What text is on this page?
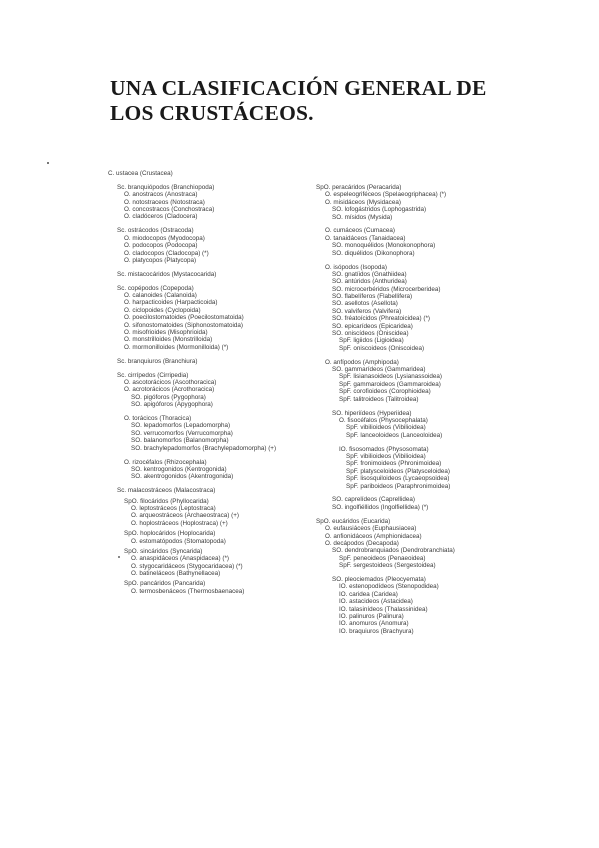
UNA CLASIFICACIÓN GENERAL DE
LOS CRUSTÁCEOS.
C. ustacea (Crustacea)
Sc. branquiópodos (Branchiopoda)
O. anostracos (Anostraca)
O. notostraceos (Notostraca)
O. concostracos (Conchostraca)
O. cladóceros (Cladocera)
Sc. ostrácodos (Ostracoda)
O. miodocopos (Myodocopa)
O. podocopos (Podocopa)
O. cladocopos (Cladocopa) (*)
O. platycopos (Platycopa)
Sc. mistacocáridos (Mystacocarida)
Sc. copépodos (Copepoda)
O. calanoides (Calanoida)
O. harpacticoides (Harpacticoida)
O. ciclopoides (Cyclopoida)
O. poecilostomatoides (Poecilostomatoida)
O. sifonostomatoides (Siphonostomatoida)
O. misofrioides (Misophrioida)
O. monstrilloides (Monstrilloida)
O. mormonilloides (Mormonilloida) (*)
Sc. branquiuros (Branchiura)
Sc. cirrípedos (Cirripedia)
O. ascotorácicos (Ascothoracica)
O. acrotorácicos (Acrothoracica)
SO. pigóforos (Pygophora)
SO. apigóforos (Apygophora)
O. torácicos (Thoracica)
SO. lepadomorfos (Lepadomorpha)
SO. verrucomorfos (Verrucomorpha)
SO. balanomorfos (Balanomorpha)
SO. brachylepadomorfos (Brachylepadomorpha) (+)
O. rizocéfalos (Rhizocephala)
SO. kentrogonidos (Kentrogonida)
SO. akentrogonidos (Akentrogonida)
Sc. malacostráceos (Malacostraca)
SpO. filocáridos (Phyllocarida)
O. leptostráceos (Leptostraca)
O. arqueostráceos (Archaeostraca) (+)
O. hoplostráceos (Hoplostraca) (+)
SpO. hoplocáridos (Hoplocarida)
O. estomatópodos (Stomatopoda)
SpO. sincáridos (Syncarida)
O. anaspidáceos (Anaspidacea) (*)
O. stygocaridáceos (Stygocaridacea) (*)
O. batineláceos (Bathynellacea)
SpO. pancáridos (Pancarida)
O. termosbenáceos (Thermosbaenacea)
SpO. peracáridos (Peracarida)
O. espeleogriféceos (Spelaeogriphacea) (*)
O. misidáceos (Mysidacea)
SO. lofogástridos (Lophogastrida)
SO. mísidos (Mysida)
O. cumáceos (Cumacea)
O. tanaidáceos (Tanaidacea)
SO. monoquélidos (Monokonophora)
SO. diquélidos (Dikonophora)
O. isópodos (Isopoda)
SO. gnatíidos (Gnathiidea)
SO. antúridos (Anthuridea)
SO. microcerbéridos (Microcerberidea)
SO. flabelíferos (Flabellifera)
SO. asellotos (Asellota)
SO. valviferos (Valvifera)
SO. fréatoícidos (Phreatoicidea) (*)
SO. epicarídeos (Epicaridea)
SO. oniscídeos (Oniscidea)
SpF. ligiidos (Ligioidea)
SpF. oniscoideos (Oniscoidea)
O. anfípodos (Amphipoda)
SO. gammarídeos (Gammaridea)
SpF. lisianasoideos (Lysianassoidea)
SpF. gammaroideos (Gammaroidea)
SpF. corofioideos (Corophioidea)
SpF. talitroideos (Talitroidea)
SO. hiperiídeos (Hyperiidea)
O. fisocéfalos (Physocephalata)
SpF. vibilioideos (Vibilioidea)
SpF. lanceoloideos (Lanceoloidea)
IO. fisosomados (Physosomata)
SpF. vibilioideos (Vibilioidea)
SpF. fronimoideos (Phronimoidea)
SpF. platysceloideos (Platysceloidea)
SpF. lisosquiloideos (Lycaeopsoidea)
SpF. pariboideos (Paraphronimoidea)
SO. caprelídeos (Caprellidea)
SO. ingolfiéllidos (Ingolfiellidea) (*)
SpO. eucáridos (Eucarida)
O. eufausiáceos (Euphausiacea)
O. anfionidáceos (Amphionidacea)
O. decápodos (Decapoda)
SO. dendrobranquiados (Dendrobranchiata)
SpF. peneoideos (Penaeoidea)
SpF. sergestoideos (Sergestoidea)
SO. pleociemados (Pleocyemata)
IO. estenopodídeos (Stenopodidea)
IO. caridea (Caridea)
IO. astacideos (Astacidea)
IO. talasinídeos (Thalassinidea)
IO. palinuros (Palinura)
IO. anomuros (Anomura)
IO. braquiuros (Brachyura)
